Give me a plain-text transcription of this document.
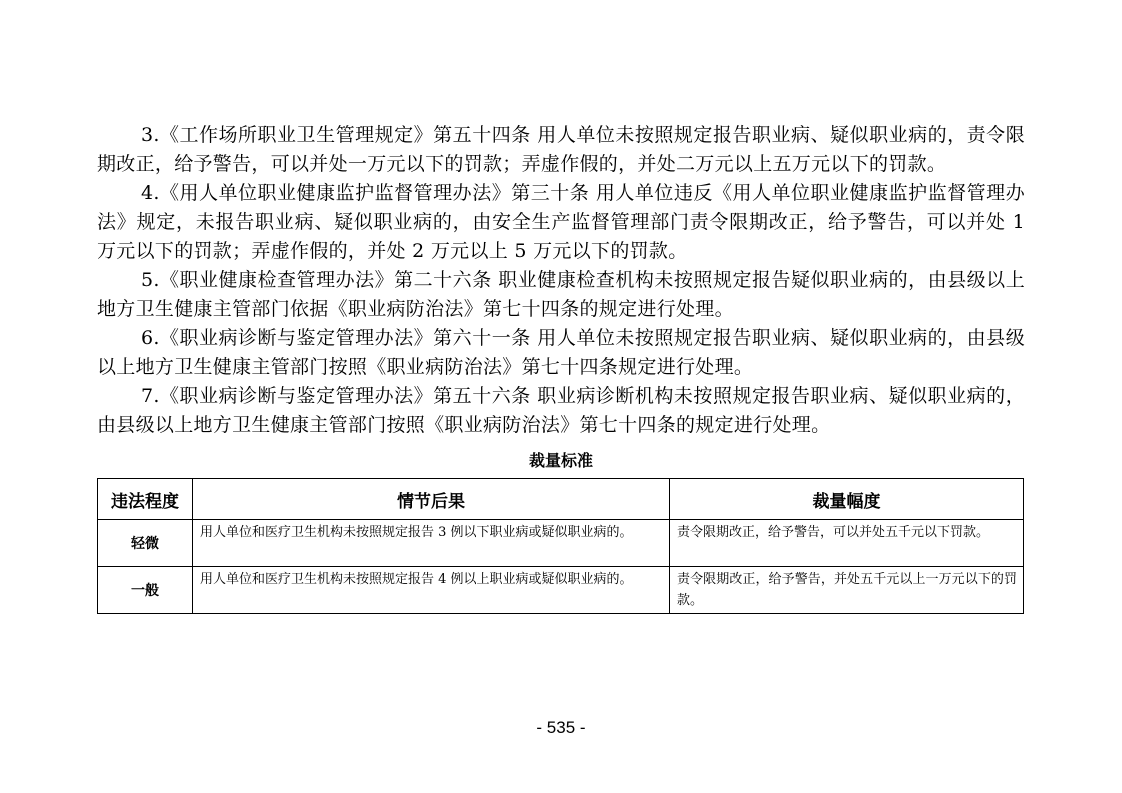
3.《工作场所职业卫生管理规定》第五十四条 用人单位未按照规定报告职业病、疑似职业病的，责令限期改正，给予警告，可以并处一万元以下的罚款；弄虚作假的，并处二万元以上五万元以下的罚款。

4.《用人单位职业健康监护监督管理办法》第三十条 用人单位违反《用人单位职业健康监护监督管理办法》规定，未报告职业病、疑似职业病的，由安全生产监督管理部门责令限期改正，给予警告，可以并处 1 万元以下的罚款；弄虚作假的，并处 2 万元以上 5 万元以下的罚款。

5.《职业健康检查管理办法》第二十六条 职业健康检查机构未按照规定报告疑似职业病的，由县级以上地方卫生健康主管部门依据《职业病防治法》第七十四条的规定进行处理。

6.《职业病诊断与鉴定管理办法》第六十一条 用人单位未按照规定报告职业病、疑似职业病的，由县级以上地方卫生健康主管部门按照《职业病防治法》第七十四条规定进行处理。

7.《职业病诊断与鉴定管理办法》第五十六条 职业病诊断机构未按照规定报告职业病、疑似职业病的，由县级以上地方卫生健康主管部门按照《职业病防治法》第七十四条的规定进行处理。

裁量标准
违法程度	情节后果	裁量幅度
轻微	用人单位和医疗卫生机构未按照规定报告 3 例以下职业病或疑似职业病的。	责令限期改正，给予警告，可以并处五千元以下罚款。
一般	用人单位和医疗卫生机构未按照规定报告 4 例以上职业病或疑似职业病的。	责令限期改正，给予警告，并处五千元以上一万元以下的罚款。
- 535 -
